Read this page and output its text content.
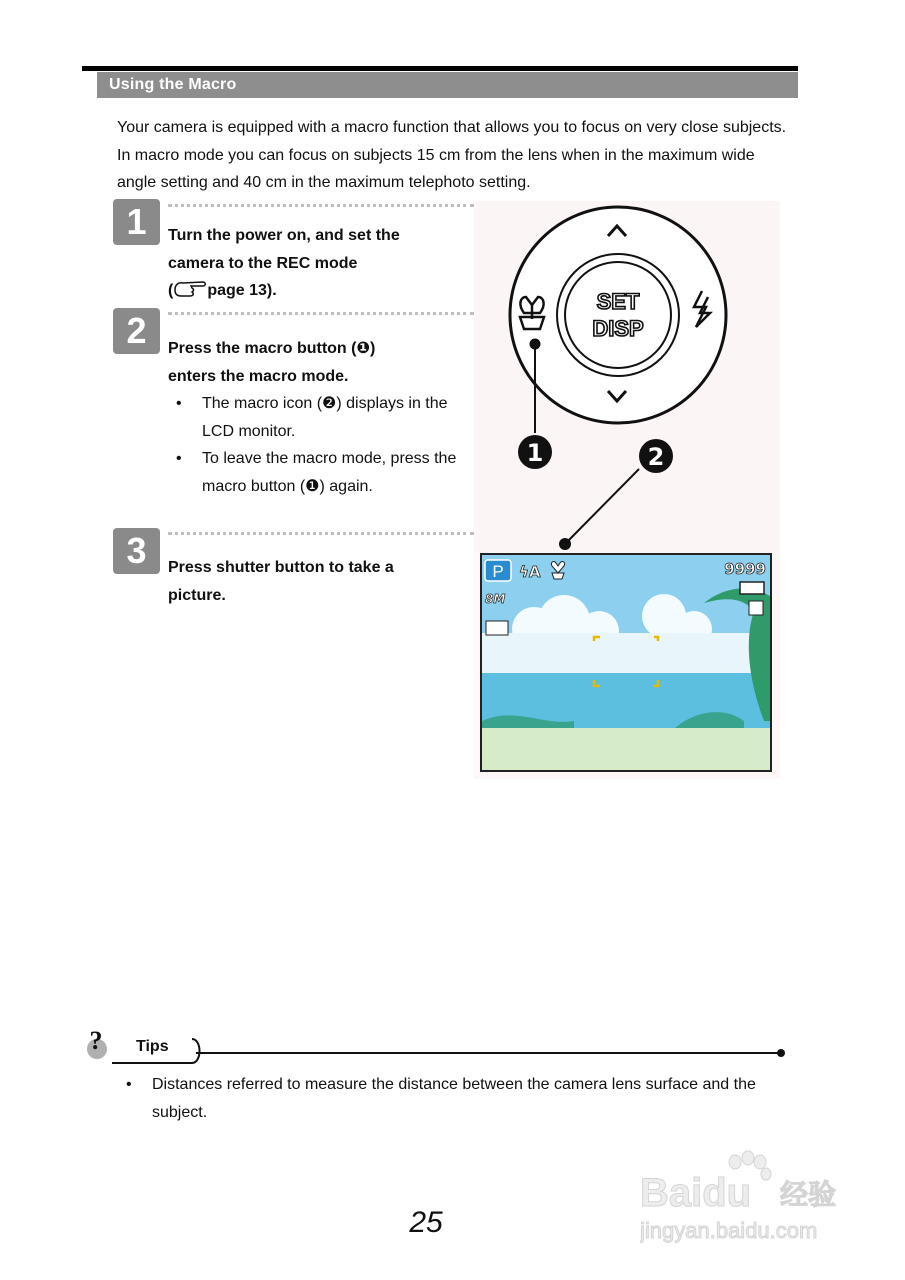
Using the Macro

Your camera is equipped with a macro function that allows you to focus on very close subjects. In macro mode you can focus on subjects 15 cm from the lens when in the maximum wide angle setting and 40 cm in the maximum telephoto setting.

1	Turn the power on, and set the
camera to the REC mode
( page 13).
2	Press the macro button (❶)
enters the macro mode.
• The macro icon (❷) displays in the LCD monitor.
• To leave the macro mode, press the macro button (❶) again.
3	Press shutter button to take a
picture.
SET
DISP
1	2
P ϟA	9999
8M
? Tips
• Distances referred to measure the distance between the camera lens surface and the subject.
25
Baidu 经验
jingyan.baidu.com
